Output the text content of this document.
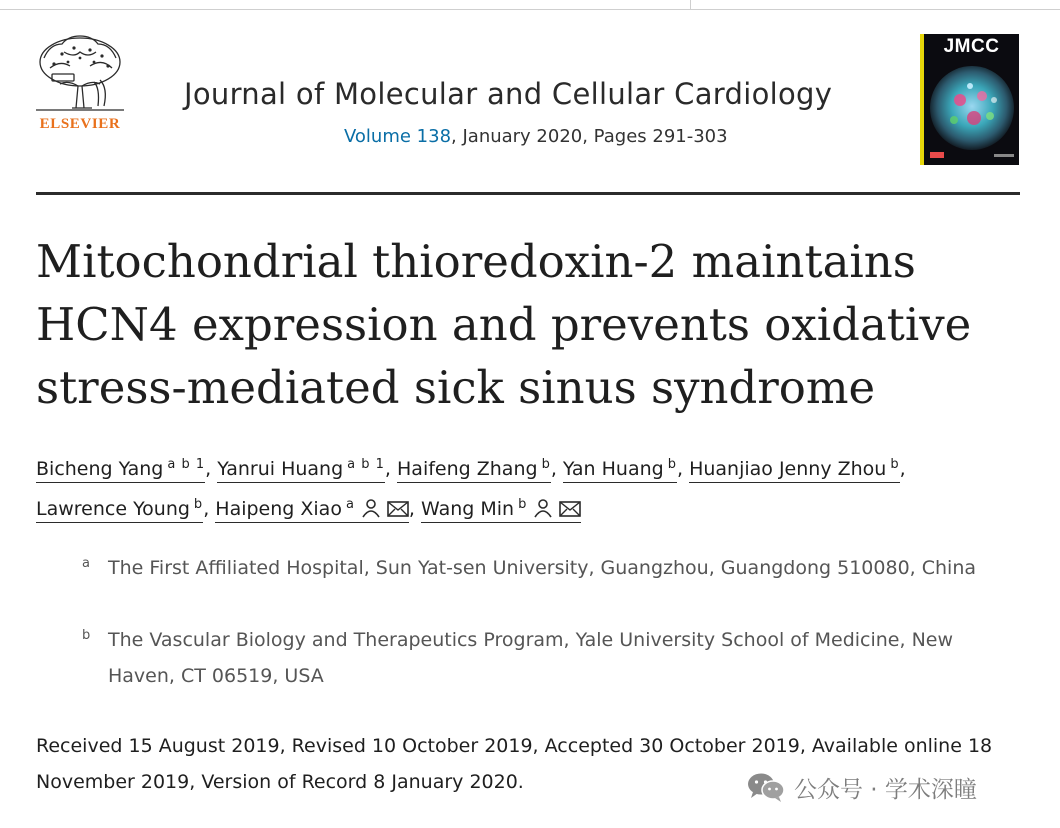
ELSEVIER
Journal of Molecular and Cellular Cardiology
Volume 138, January 2020, Pages 291-303
JMCC
Mitochondrial thioredoxin-2 maintains HCN4 expression and prevents oxidative stress-mediated sick sinus syndrome
Bicheng Yang $^{a b 1}$, Yanrui Huang $^{a b 1}$, Haifeng Zhang $^b$, Yan Huang $^b$, Huanjiao Jenny Zhou $^b$,
Lawrence Young $^b$, Haipeng Xiao $^a$	, Wang Min $^b$
a The First Affiliated Hospital, Sun Yat-sen University, Guangzhou, Guangdong 510080, China
b The Vascular Biology and Therapeutics Program, Yale University School of Medicine, New Haven, CT 06519, USA
Received 15 August 2019, Revised 10 October 2019, Accepted 30 October 2019, Available online 18 November 2019, Version of Record 8 January 2020.	公众号 · 学术深瞳
